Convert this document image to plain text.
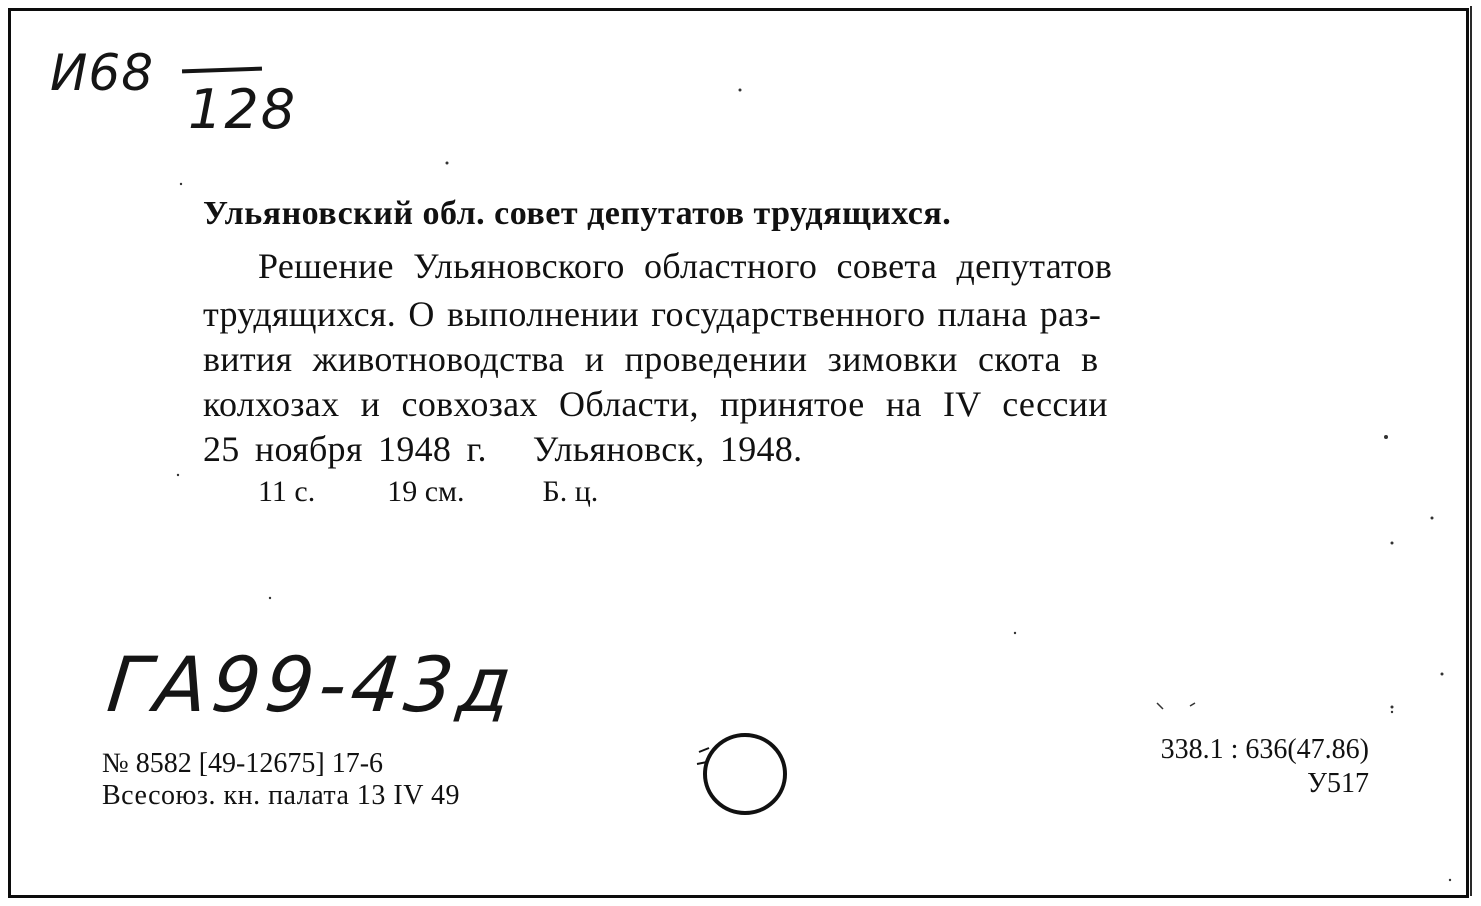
И68
128
Ульяновский обл. совет депутатов трудящихся.
Решение Ульяновского областного совета депутатов
трудящихся. О выполнении государственного плана раз-
вития животноводства и проведении зимовки скота в
колхозах и совхозах Области, принятое на IV сессии
25 ноября 1948 г.   Ульяновск, 1948.
11 с. 19 см.	Б. ц.
ГА99-43д
№ 8582 [49-12675] 17-6
Всесоюз. кн. палата 13 IV 49
338.1 : 636(47.86)
У517
